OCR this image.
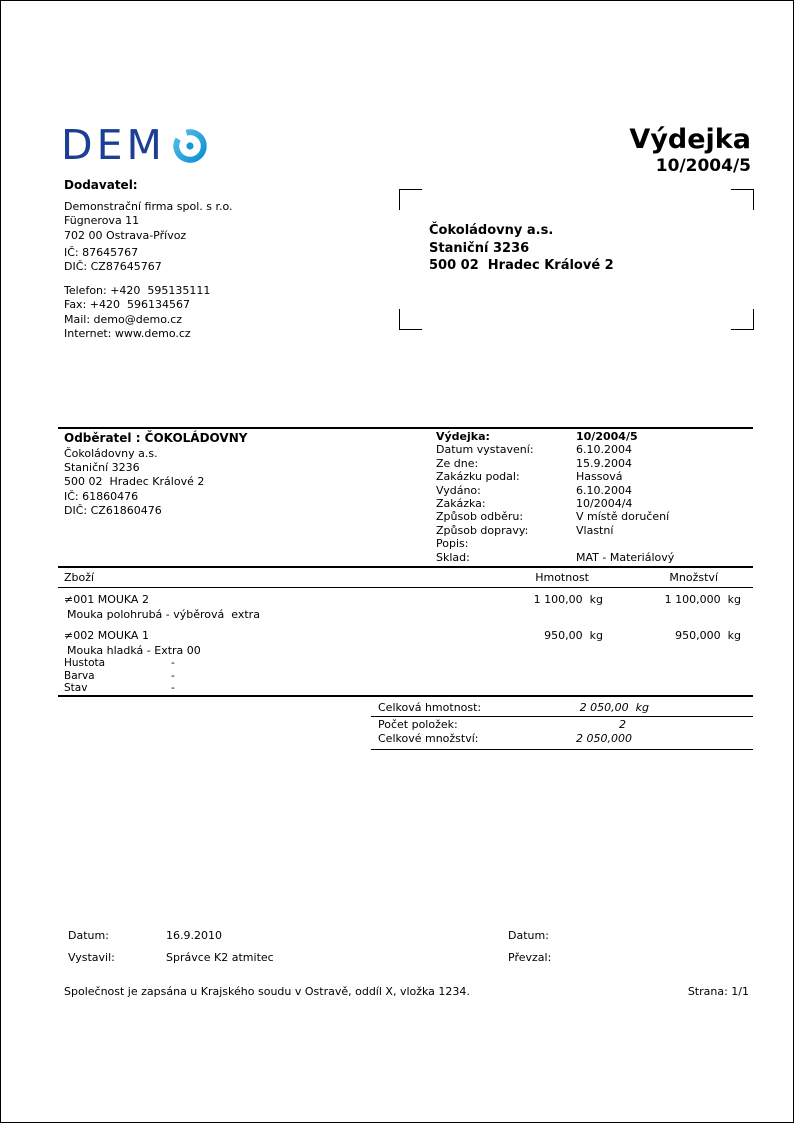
DEM	Výdejka
10/2004/5
Dodavatel:
Demonstrační firma spol. s r.o.
Fügnerova 11
702 00 Ostrava-Přívoz
IČ: 87645767
DIČ: CZ87645767
Telefon: +420  595135111
Fax: +420  596134567
Mail: demo@demo.cz
Internet: www.demo.cz
Čokoládovny a.s.
Staniční 3236
500 02  Hradec Králové 2
Odběratel : ČOKOLÁDOVNY
Čokoládovny a.s.
Staniční 3236
500 02  Hradec Králové 2
IČ: 61860476
DIČ: CZ61860476
Výdejka:	10/2004/5
Datum vystavení:	6.10.2004
Ze dne:	15.9.2004
Zakázku podal:	Hassová
Vydáno:	6.10.2004
Zakázka:	10/2004/4
Způsob odběru:	V místě doručení
Způsob dopravy:	Vlastní
Popis:
Sklad:	MAT - Materiálový
Zboží	Hmotnost	Množství
≠001 MOUKA 2	1 100,00  kg	1 100,000  kg
Mouka polohrubá - výběrová  extra
≠002 MOUKA 1	950,00  kg	950,000  kg
Mouka hladká - Extra 00
Hustota	-
Barva	-
Stav	-
Celková hmotnost:	2 050,00  kg
Počet položek:	2
Celkové množství:	2 050,000
Datum:	16.9.2010
Vystavil:	Správce K2 atmitec
Datum:
Převzal:
Společnost je zapsána u Krajského soudu v Ostravě, oddíl X, vložka 1234.	Strana: 1/1
